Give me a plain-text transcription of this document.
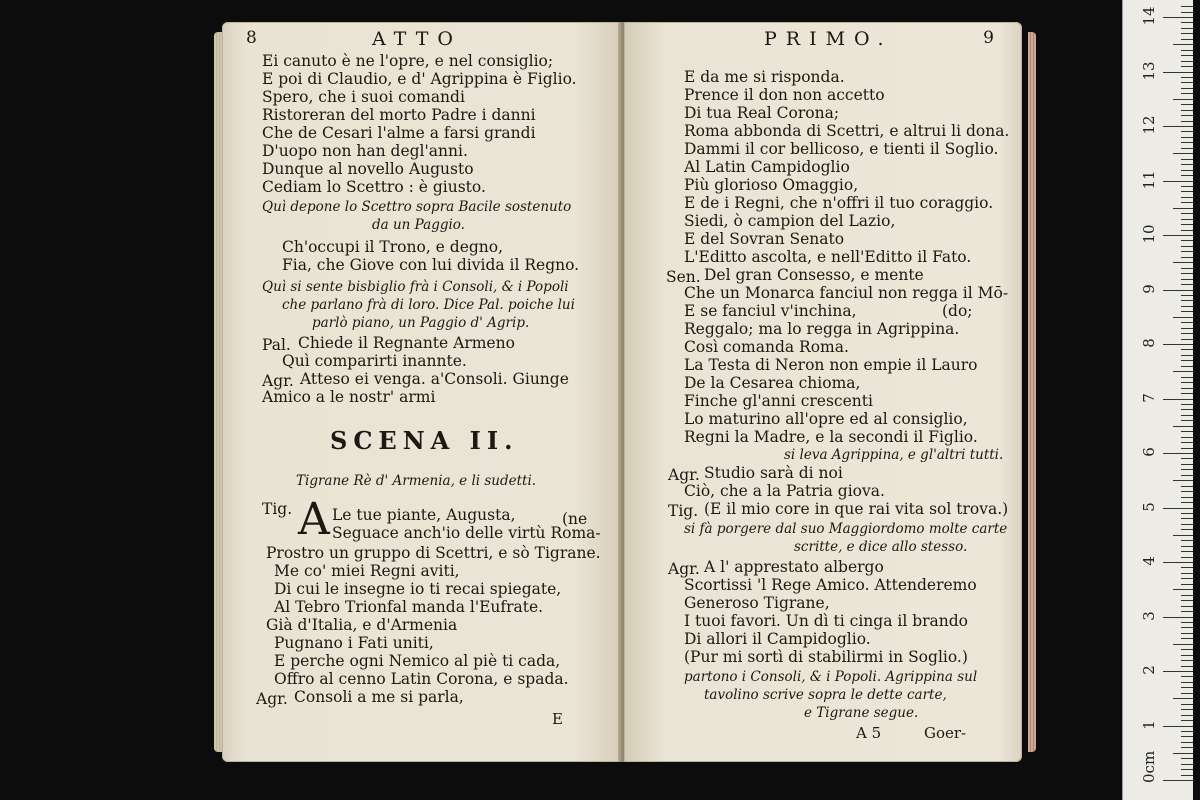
8	ATTO
Ei canuto è ne l'opre, e nel consiglio;
E poi di Claudio, e d' Agrippina è Figlio.
Spero, che i suoi comandi
Ristoreran del morto Padre i danni
Che de Cesari l'alme a farsi grandi
D'uopo non han degl'anni.
Dunque al novello Augusto
Cediam lo Scettro : è giusto.
Quì depone lo Scettro sopra Bacile sostenuto
da un Paggio.
Ch'occupi il Trono, e degno,
Fia, che Giove con lui divida il Regno.
Quì si sente bisbiglio frà i Consoli, & i Popoli
che parlano frà di loro. Dice Pal. poiche lui
parlò piano, un Paggio d' Agrip.
Pal. Chiede il Regnante Armeno
Quì comparirti inannte.
Agr. Atteso ei venga. a'Consoli. Giunge
Amico a le nostr' armi
SCENA II.
Tigrane Rè d' Armenia, e li sudetti.
Tig. A Le tue piante, Augusta,	(ne
Seguace anch'io delle virtù Roma-
Prostro un gruppo di Scettri, e sò Tigrane.
Me co' miei Regni aviti,
Di cui le insegne io ti recai spiegate,
Al Tebro Trionfal manda l'Eufrate.
Già d'Italia, e d'Armenia
Pugnano i Fati uniti,
E perche ogni Nemico al piè ti cada,
Offro al cenno Latin Corona, e spada.
Agr. Consoli a me si parla,
E
PRIMO.	9
E da me si risponda.
Prence il don non accetto
Di tua Real Corona;
Roma abbonda di Scettri, e altrui li dona.
Dammi il cor bellicoso, e tienti il Soglio.
Al Latin Campidoglio
Più glorioso Omaggio,
E de i Regni, che n'offri il tuo coraggio.
Siedi, ò campion del Lazio,
E del Sovran Senato
L'Editto ascolta, e nell'Editto il Fato.
Sen. Del gran Consesso, e mente
Che un Monarca fanciul non regga il Mō-
E se fanciul v'inchina,	(do;
Reggalo; ma lo regga in Agrippina.
Così comanda Roma.
La Testa di Neron non empie il Lauro
De la Cesarea chioma,
Finche gl'anni crescenti
Lo maturino all'opre ed al consiglio,
Regni la Madre, e la secondi il Figlio.
si leva Agrippina, e gl'altri tutti.
Agr. Studio sarà di noi
Ciò, che a la Patria giova.
Tig. (E il mio core in que rai vita sol trova.)
si fà porgere dal suo Maggiordomo molte carte
scritte, e dice allo stesso.
Agr. A l' apprestato albergo
Scortissi 'l Rege Amico. Attenderemo
Generoso Tigrane,
I tuoi favori. Un dì ti cinga il brando
Di allori il Campidoglio.
(Pur mi sortì di stabilirmi in Soglio.)
partono i Consoli, & i Popoli. Agrippina sul
tavolino scrive sopra le dette carte,
e Tigrane segue.
A 5	Goer-
0cm
1
2
3
4
5
6
7
8
9
10
11
12
13
14
